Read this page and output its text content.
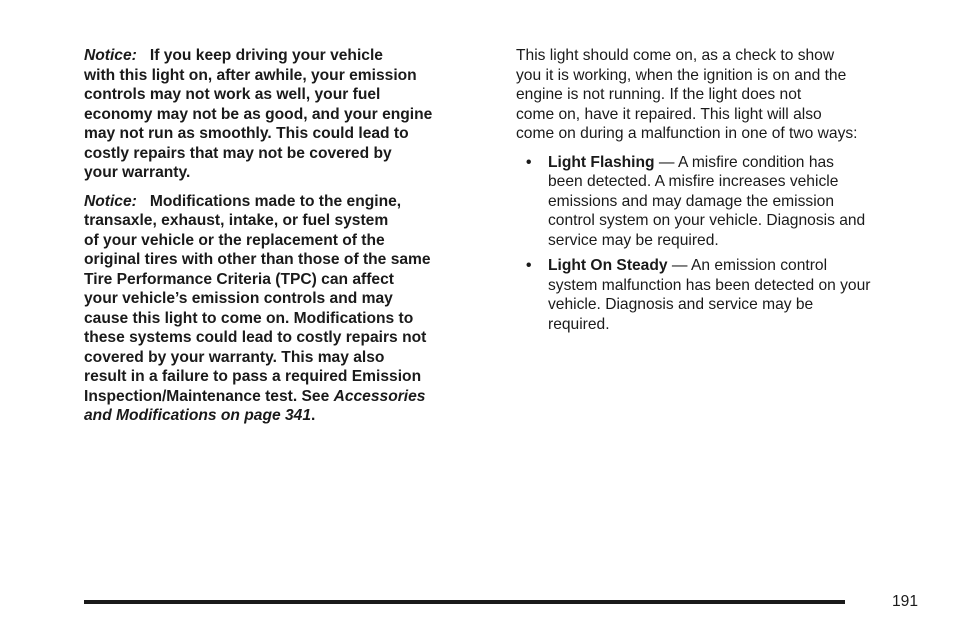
Notice: If you keep driving your vehicle
with this light on, after awhile, your emission
controls may not work as well, your fuel
economy may not be as good, and your engine
may not run as smoothly. This could lead to
costly repairs that may not be covered by
your warranty.

Notice: Modifications made to the engine,
transaxle, exhaust, intake, or fuel system
of your vehicle or the replacement of the
original tires with other than those of the same
Tire Performance Criteria (TPC) can affect
your vehicle’s emission controls and may
cause this light to come on. Modifications to
these systems could lead to costly repairs not
covered by your warranty. This may also
result in a failure to pass a required Emission
Inspection/Maintenance test. See Accessories
and Modifications on page 341.

This light should come on, as a check to show
you it is working, when the ignition is on and the
engine is not running. If the light does not
come on, have it repaired. This light will also
come on during a malfunction in one of two ways:

• Light Flashing — A misfire condition has
been detected. A misfire increases vehicle
emissions and may damage the emission
control system on your vehicle. Diagnosis and
service may be required.
• Light On Steady — An emission control
system malfunction has been detected on your
vehicle. Diagnosis and service may be
required.
191
